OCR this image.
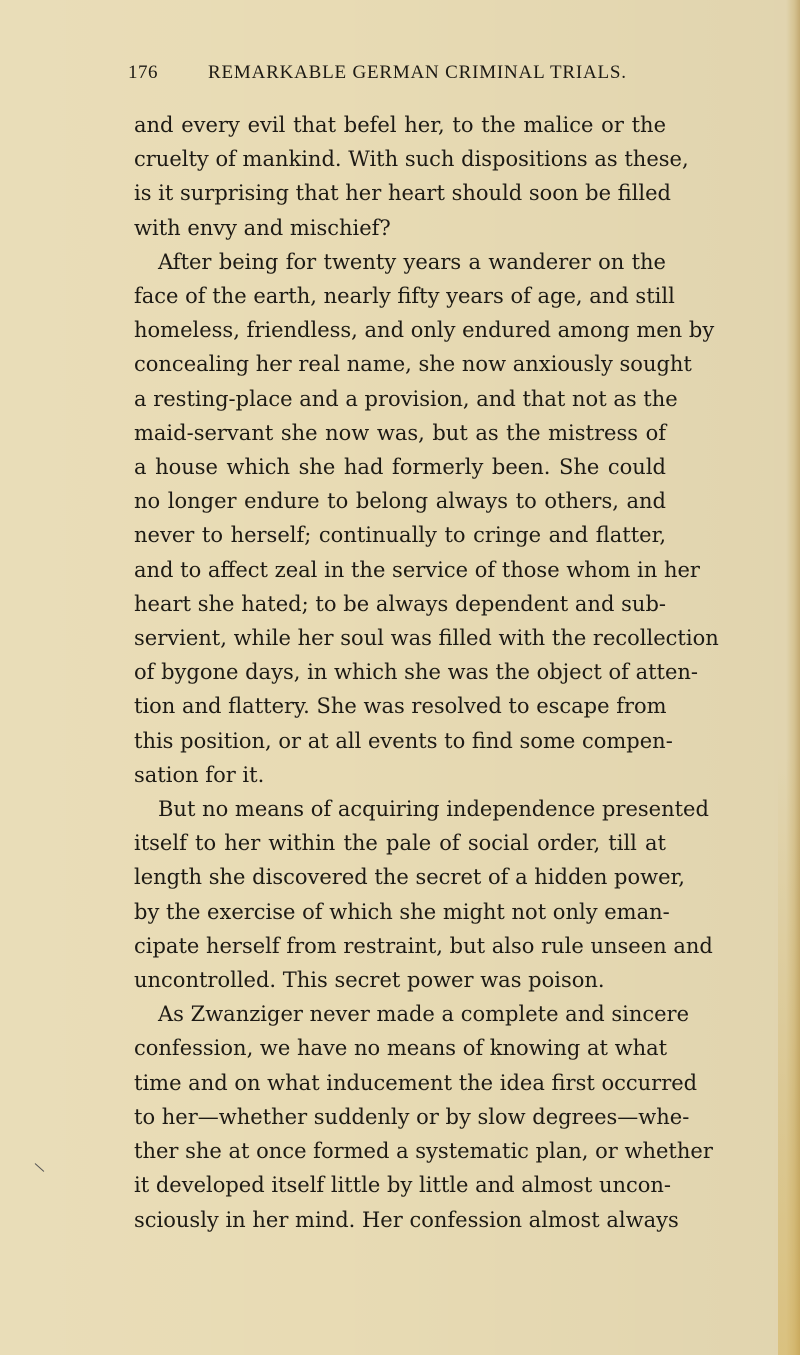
176	REMARKABLE GERMAN CRIMINAL TRIALS.
and every evil that befel her, to the malice or the
cruelty of mankind. With such dispositions as these,
is it surprising that her heart should soon be filled
with envy and mischief?
After being for twenty years a wanderer on the
face of the earth, nearly fifty years of age, and still
homeless, friendless, and only endured among men by
concealing her real name, she now anxiously sought
a resting-place and a provision, and that not as the
maid-servant she now was, but as the mistress of
a house which she had formerly been. She could
no longer endure to belong always to others, and
never to herself; continually to cringe and flatter,
and to affect zeal in the service of those whom in her
heart she hated; to be always dependent and sub-
servient, while her soul was filled with the recollection
of bygone days, in which she was the object of atten-
tion and flattery. She was resolved to escape from
this position, or at all events to find some compen-
sation for it.
But no means of acquiring independence presented
itself to her within the pale of social order, till at
length she discovered the secret of a hidden power,
by the exercise of which she might not only eman-
cipate herself from restraint, but also rule unseen and
uncontrolled. This secret power was poison.
As Zwanziger never made a complete and sincere
confession, we have no means of knowing at what
time and on what inducement the idea first occurred
to her—whether suddenly or by slow degrees—whe-
ther she at once formed a systematic plan, or whether
it developed itself little by little and almost uncon-
sciously in her mind. Her confession almost always
